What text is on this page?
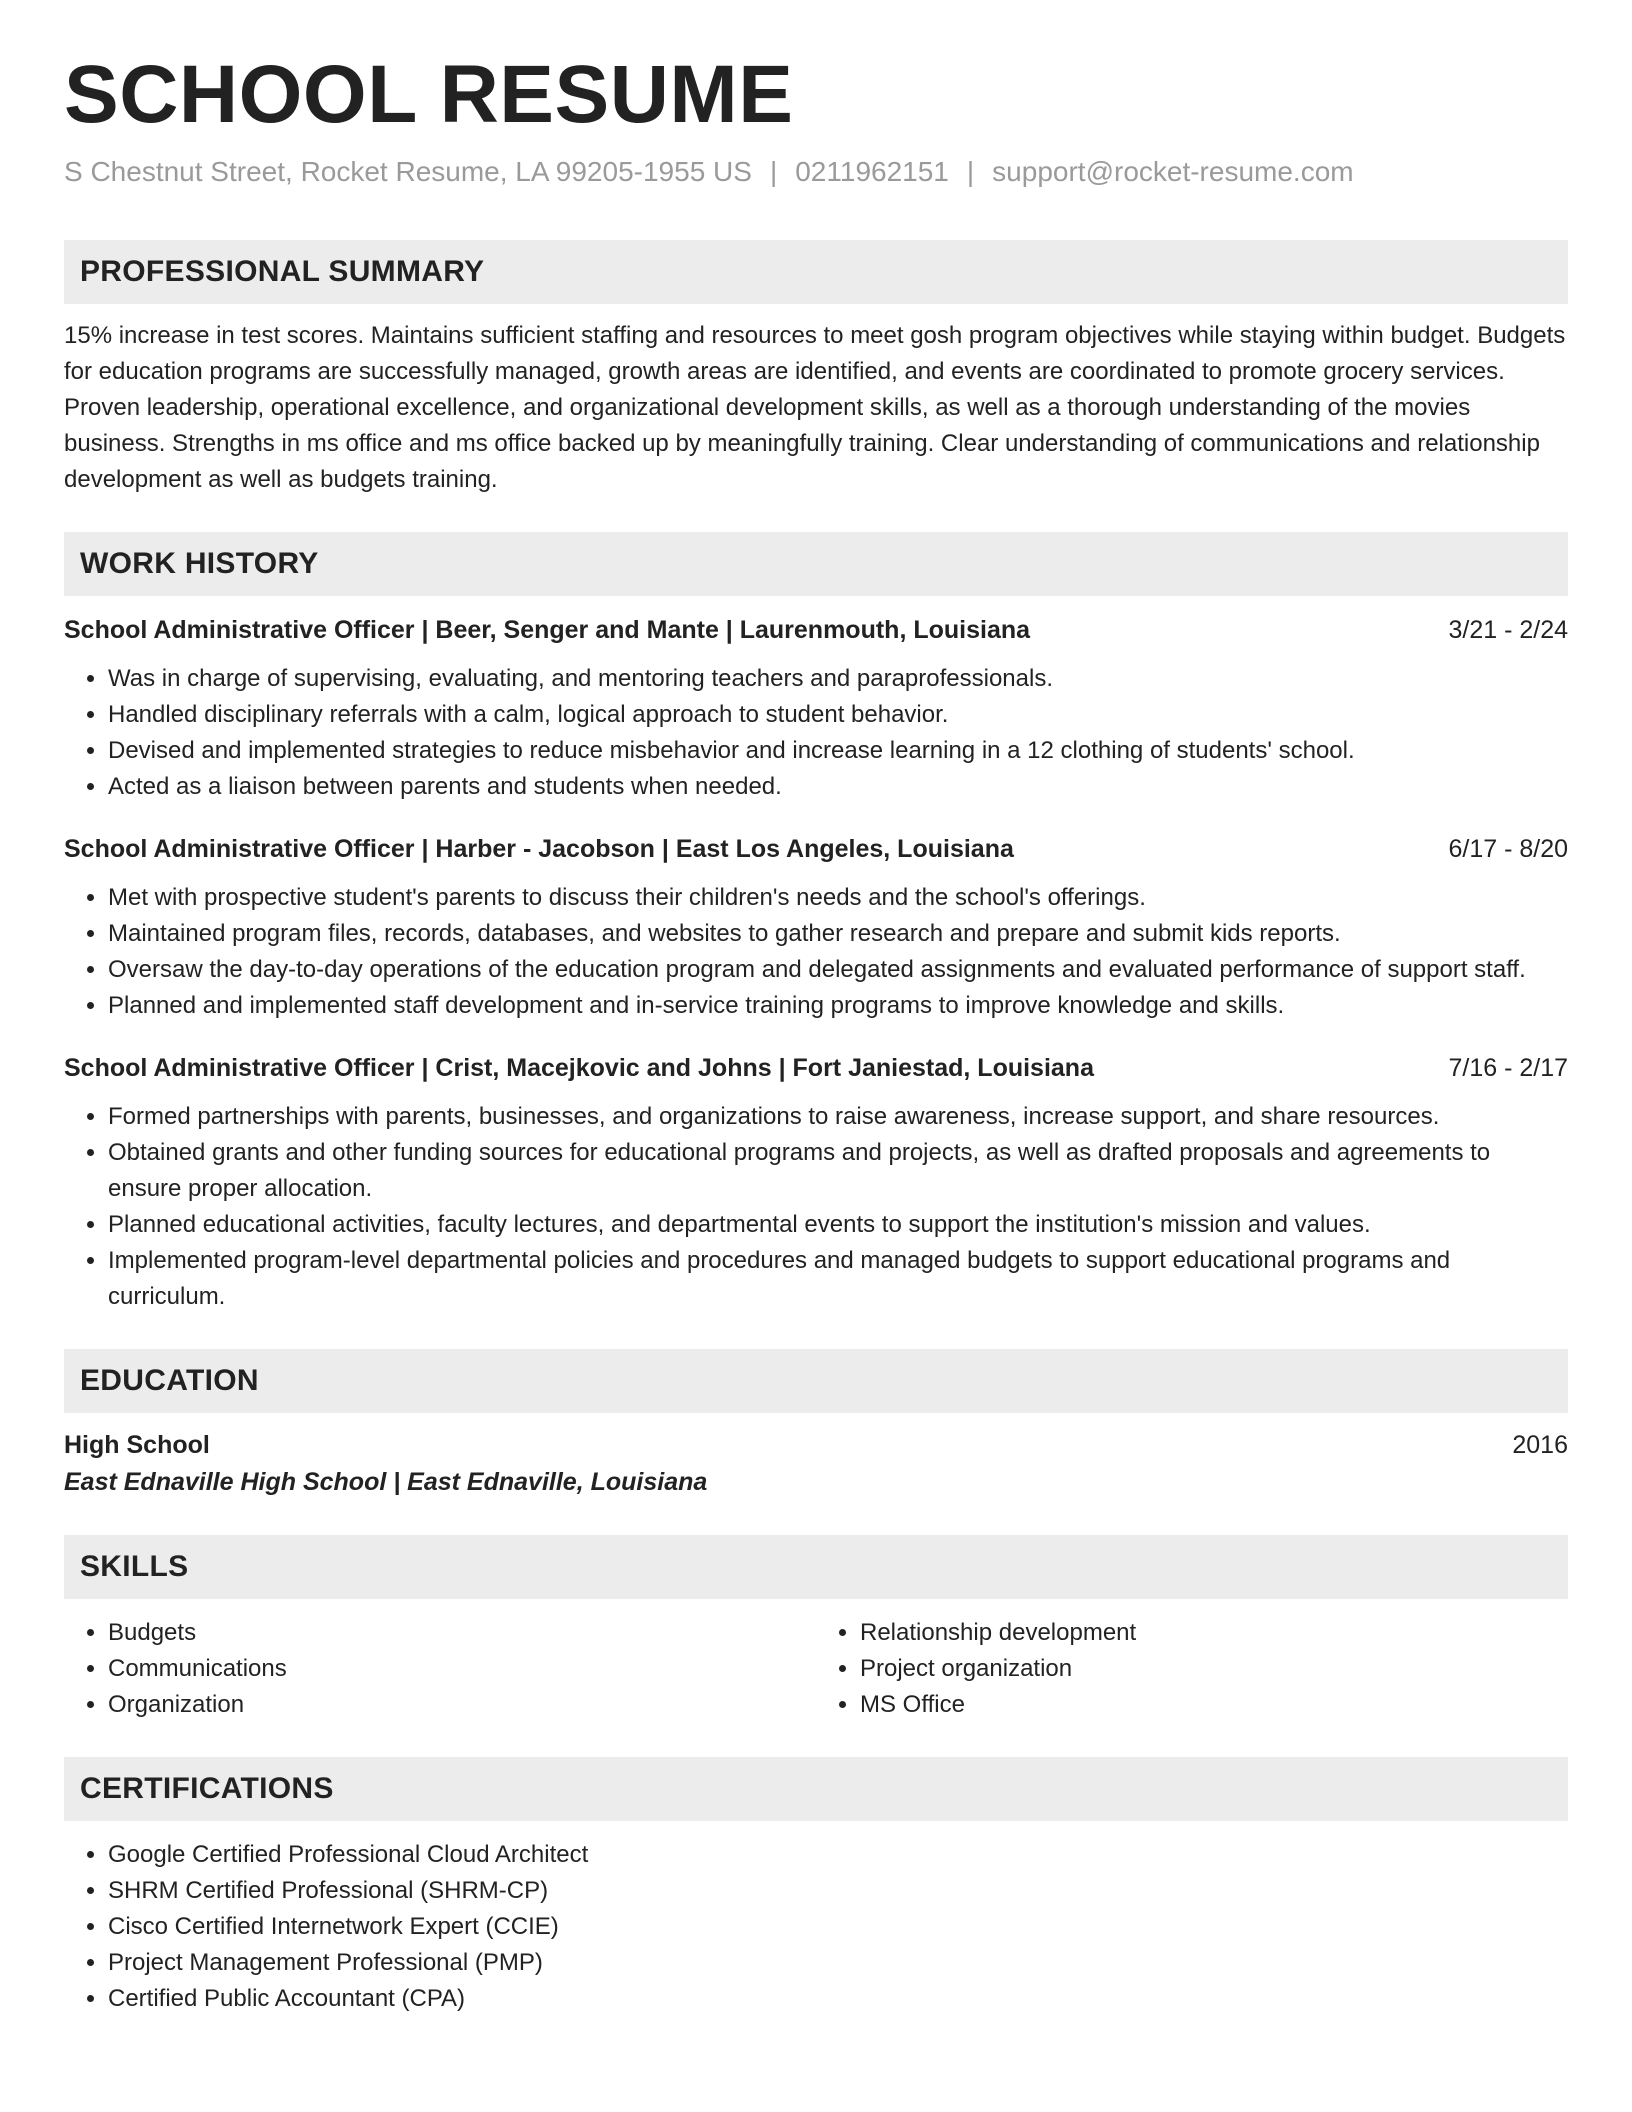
SCHOOL RESUME
S Chestnut Street, Rocket Resume, LA 99205-1955 US | 0211962151 | support@rocket-resume.com
PROFESSIONAL SUMMARY
15% increase in test scores. Maintains sufficient staffing and resources to meet gosh program objectives while staying within budget. Budgets for education programs are successfully managed, growth areas are identified, and events are coordinated to promote grocery services. Proven leadership, operational excellence, and organizational development skills, as well as a thorough understanding of the movies business. Strengths in ms office and ms office backed up by meaningfully training. Clear understanding of communications and relationship development as well as budgets training.
WORK HISTORY
School Administrative Officer | Beer, Senger and Mante | Laurenmouth, Louisiana	3/21 - 2/24
• Was in charge of supervising, evaluating, and mentoring teachers and paraprofessionals.
• Handled disciplinary referrals with a calm, logical approach to student behavior.
• Devised and implemented strategies to reduce misbehavior and increase learning in a 12 clothing of students' school.
• Acted as a liaison between parents and students when needed.
School Administrative Officer | Harber - Jacobson | East Los Angeles, Louisiana	6/17 - 8/20
• Met with prospective student's parents to discuss their children's needs and the school's offerings.
• Maintained program files, records, databases, and websites to gather research and prepare and submit kids reports.
• Oversaw the day-to-day operations of the education program and delegated assignments and evaluated performance of support staff.
• Planned and implemented staff development and in-service training programs to improve knowledge and skills.
School Administrative Officer | Crist, Macejkovic and Johns | Fort Janiestad, Louisiana	7/16 - 2/17
• Formed partnerships with parents, businesses, and organizations to raise awareness, increase support, and share resources.
• Obtained grants and other funding sources for educational programs and projects, as well as drafted proposals and agreements to ensure proper allocation.
• Planned educational activities, faculty lectures, and departmental events to support the institution's mission and values.
• Implemented program-level departmental policies and procedures and managed budgets to support educational programs and curriculum.
EDUCATION
High School	2016
East Ednaville High School | East Ednaville, Louisiana
SKILLS
• Budgets
• Communications
• Organization
• Relationship development
• Project organization
• MS Office
CERTIFICATIONS
• Google Certified Professional Cloud Architect
• SHRM Certified Professional (SHRM-CP)
• Cisco Certified Internetwork Expert (CCIE)
• Project Management Professional (PMP)
• Certified Public Accountant (CPA)
